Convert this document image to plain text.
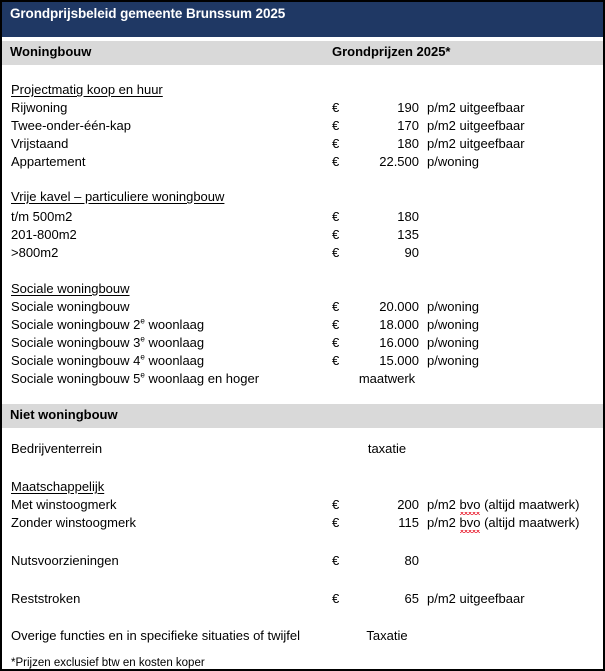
Grondprijsbeleid gemeente Brunssum 2025
Woningbouw	Grondprijzen 2025*
Projectmatig koop en huur
Rijwoning	€	190 p/m2 uitgeefbaar
Twee-onder-één-kap	€	170 p/m2 uitgeefbaar
Vrijstaand	€	180 p/m2 uitgeefbaar
Appartement	€	22.500 p/woning
Vrije kavel – particuliere woningbouw
t/m 500m2	€	180
201-800m2	€	135
>800m2	€	90
Sociale woningbouw
Sociale woningbouw	€	20.000 p/woning
Sociale woningbouw 2e woonlaag	€	18.000 p/woning
Sociale woningbouw 3e woonlaag	€	16.000 p/woning
Sociale woningbouw 4e woonlaag	€	15.000 p/woning
Sociale woningbouw 5e woonlaag en hoger	maatwerk
Niet woningbouw
Bedrijventerrein	taxatie
Maatschappelijk
Met winstoogmerk	€	200 p/m2 bvo (altijd maatwerk)
Zonder winstoogmerk	€	115 p/m2 bvo (altijd maatwerk)
Nutsvoorzieningen	€	80
Reststroken	€	65 p/m2 uitgeefbaar
Overige functies en in specifieke situaties of twijfel	Taxatie
*Prijzen exclusief btw en kosten koper
